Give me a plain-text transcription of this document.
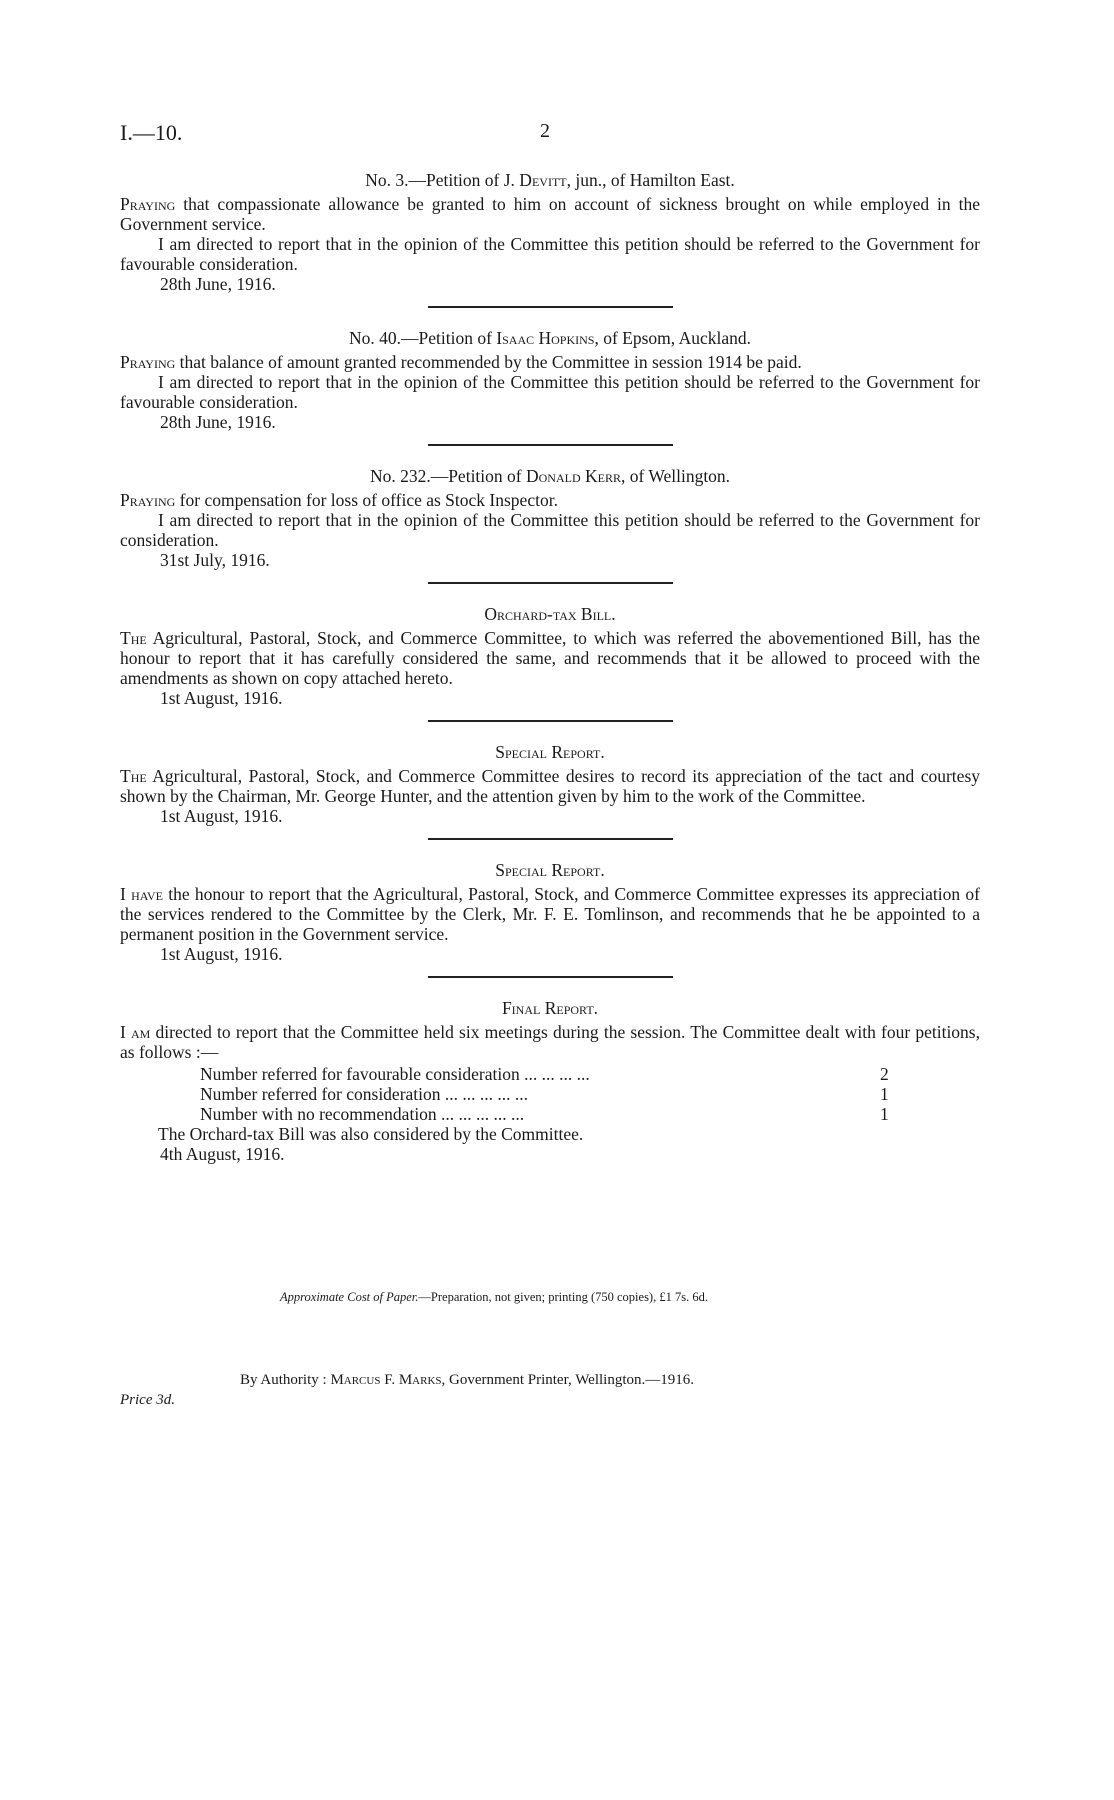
I.—10.	2

No. 3.—Petition of J. Devitt, jun., of Hamilton East.

Praying that compassionate allowance be granted to him on account of sickness brought on while employed in the Government service.

I am directed to report that in the opinion of the Committee this petition should be referred to the Government for favourable consideration.

28th June, 1916.

No. 40.—Petition of Isaac Hopkins, of Epsom, Auckland.

Praying that balance of amount granted recommended by the Committee in session 1914 be paid.

I am directed to report that in the opinion of the Committee this petition should be referred to the Government for favourable consideration.

28th June, 1916.

No. 232.—Petition of Donald Kerr, of Wellington.

Praying for compensation for loss of office as Stock Inspector.

I am directed to report that in the opinion of the Committee this petition should be referred to the Government for consideration.

31st July, 1916.

Orchard-tax Bill.

The Agricultural, Pastoral, Stock, and Commerce Committee, to which was referred the abovementioned Bill, has the honour to report that it has carefully considered the same, and recommends that it be allowed to proceed with the amendments as shown on copy attached hereto.

1st August, 1916.

Special Report.

The Agricultural, Pastoral, Stock, and Commerce Committee desires to record its appreciation of the tact and courtesy shown by the Chairman, Mr. George Hunter, and the attention given by him to the work of the Committee.

1st August, 1916.

Special Report.

I have the honour to report that the Agricultural, Pastoral, Stock, and Commerce Committee expresses its appreciation of the services rendered to the Committee by the Clerk, Mr. F. E. Tomlinson, and recommends that he be appointed to a permanent position in the Government service.

1st August, 1916.

Final Report.

I am directed to report that the Committee held six meetings during the session. The Committee dealt with four petitions, as follows :—

Number referred for favourable consideration ... ... ... ...	2
Number referred for consideration ... ... ... ... ...	1
Number with no recommendation ... ... ... ... ...	1

The Orchard-tax Bill was also considered by the Committee.

4th August, 1916.

Approximate Cost of Paper.—Preparation, not given; printing (750 copies), £1 7s. 6d.
By Authority : Marcus F. Marks, Government Printer, Wellington.—1916.
Price 3d.
